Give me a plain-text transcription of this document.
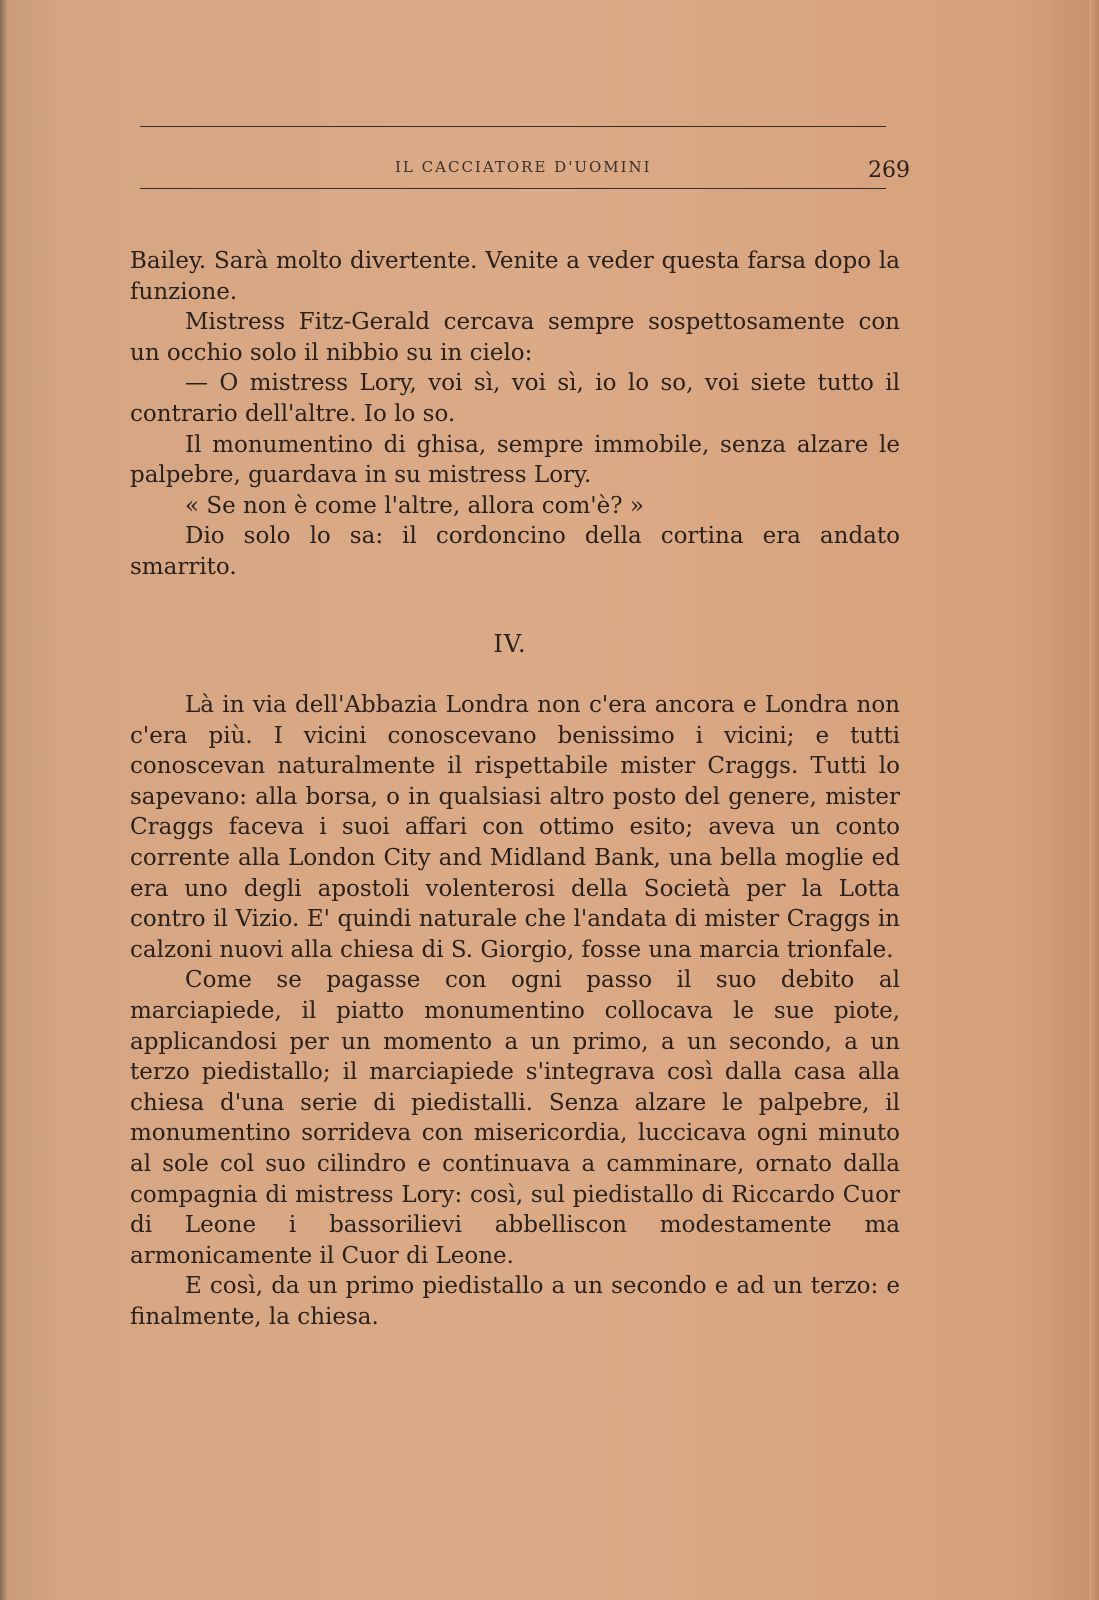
IL CACCIATORE D'UOMINI	269

Bailey. Sarà molto divertente. Venite a veder questa farsa dopo la funzione.

Mistress Fitz-Gerald cercava sempre sospettosamente con un occhio solo il nibbio su in cielo:

— O mistress Lory, voi sì, voi sì, io lo so, voi siete tutto il contrario dell'altre. Io lo so.

Il monumentino di ghisa, sempre immobile, senza alzare le palpebre, guardava in su mistress Lory.

« Se non è come l'altre, allora com'è? »

Dio solo lo sa: il cordoncino della cortina era andato smarrito.

IV.

Là in via dell'Abbazia Londra non c'era ancora e Londra non c'era più. I vicini conoscevano benissimo i vicini; e tutti conoscevan naturalmente il rispettabile mister Craggs. Tutti lo sapevano: alla borsa, o in qualsiasi altro posto del genere, mister Craggs faceva i suoi affari con ottimo esito; aveva un conto corrente alla London City and Midland Bank, una bella moglie ed era uno degli apostoli volenterosi della Società per la Lotta contro il Vizio. E' quindi naturale che l'andata di mister Craggs in calzoni nuovi alla chiesa di S. Giorgio, fosse una marcia trionfale.

Come se pagasse con ogni passo il suo debito al marciapiede, il piatto monumentino collocava le sue piote, applicandosi per un momento a un primo, a un secondo, a un terzo piedistallo; il marciapiede s'integrava così dalla casa alla chiesa d'una serie di piedistalli. Senza alzare le palpebre, il monumentino sorrideva con misericordia, luccicava ogni minuto al sole col suo cilindro e continuava a camminare, ornato dalla compagnia di mistress Lory: così, sul piedistallo di Riccardo Cuor di Leone i bassorilievi abbelliscon modestamente ma armonicamente il Cuor di Leone.

E così, da un primo piedistallo a un secondo e ad un terzo: e finalmente, la chiesa.
